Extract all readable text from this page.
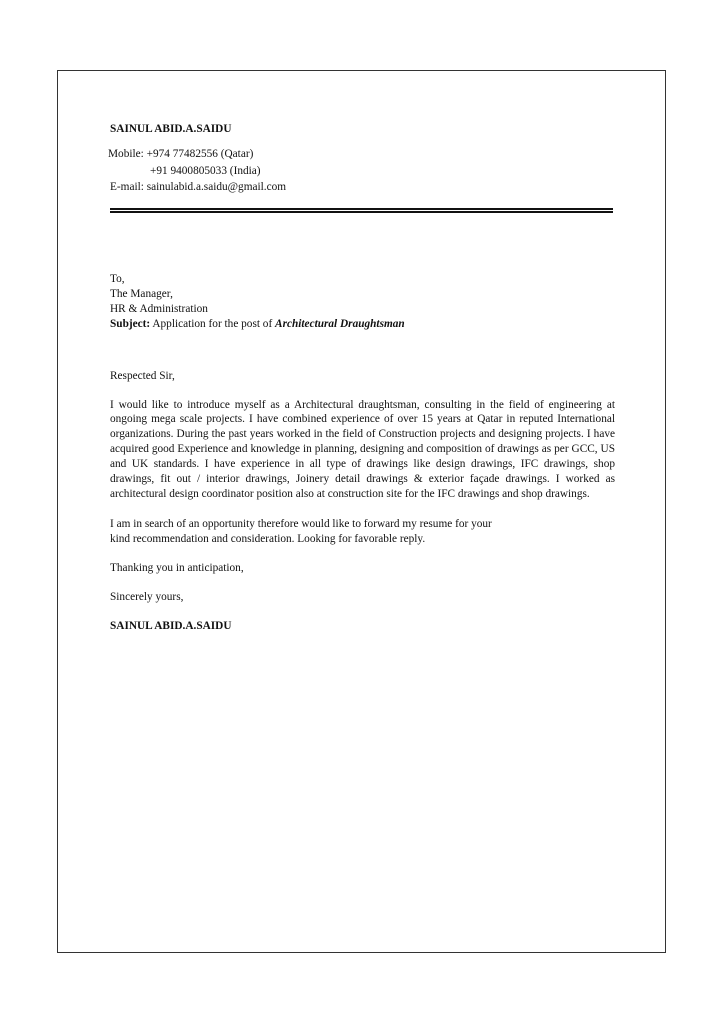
SAINUL ABID.A.SAIDU
Mobile: +974 77482556 (Qatar)
+91 9400805033 (India)
E-mail: sainulabid.a.saidu@gmail.com
To,
The Manager,
HR & Administration
Subject: Application for the post of Architectural Draughtsman
Respected Sir,
I would like to introduce myself as a Architectural draughtsman, consulting in the field of engineering at ongoing mega scale projects. I have combined experience of over 15 years at Qatar in reputed International organizations. During the past years worked in the field of Construction projects and designing projects. I have acquired good Experience and knowledge in planning, designing and composition of drawings as per GCC, US and UK standards. I have experience in all type of drawings like design drawings, IFC drawings, shop drawings, fit out / interior drawings, Joinery detail drawings & exterior façade drawings. I worked as architectural design coordinator position also at construction site for the IFC drawings and shop drawings.
I am in search of an opportunity therefore would like to forward my resume for your
kind recommendation and consideration. Looking for favorable reply.
Thanking you in anticipation,
Sincerely yours,
SAINUL ABID.A.SAIDU
